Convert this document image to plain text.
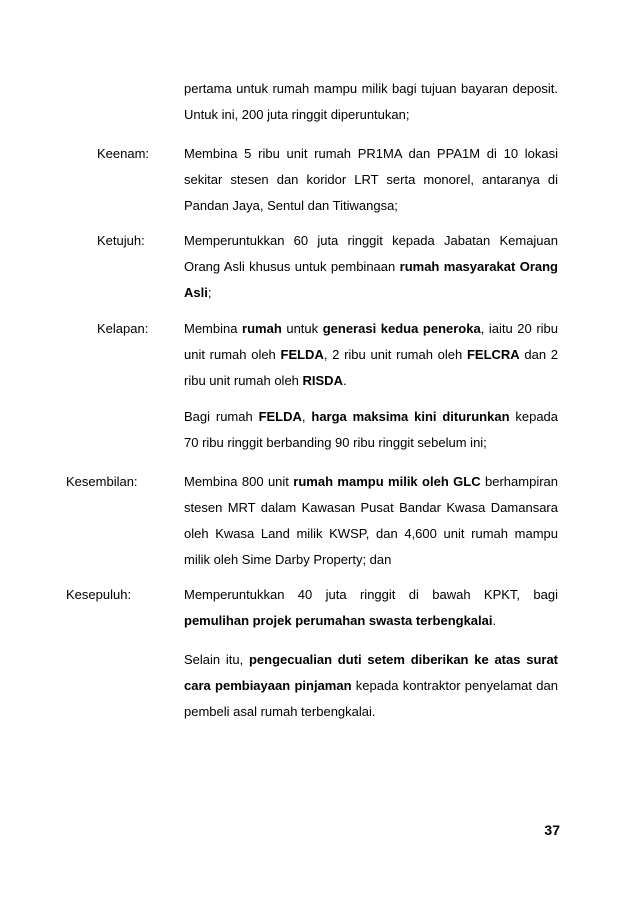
pertama untuk rumah mampu milik bagi tujuan bayaran deposit. Untuk ini, 200 juta ringgit diperuntukan;
Keenam:	Membina 5 ribu unit rumah PR1MA dan PPA1M di 10 lokasi sekitar stesen dan koridor LRT serta monorel, antaranya di Pandan Jaya, Sentul dan Titiwangsa;
Ketujuh:	Memperuntukkan 60 juta ringgit kepada Jabatan Kemajuan Orang Asli khusus untuk pembinaan rumah masyarakat Orang Asli;
Kelapan:	Membina rumah untuk generasi kedua peneroka, iaitu 20 ribu unit rumah oleh FELDA, 2 ribu unit rumah oleh FELCRA dan 2 ribu unit rumah oleh RISDA.
Bagi rumah FELDA, harga maksima kini diturunkan kepada 70 ribu ringgit berbanding 90 ribu ringgit sebelum ini;
Kesembilan:	Membina 800 unit rumah mampu milik oleh GLC berhampiran stesen MRT dalam Kawasan Pusat Bandar Kwasa Damansara oleh Kwasa Land milik KWSP, dan 4,600 unit rumah mampu milik oleh Sime Darby Property; dan
Kesepuluh:	Memperuntukkan 40 juta ringgit di bawah KPKT, bagi pemulihan projek perumahan swasta terbengkalai.
Selain itu, pengecualian duti setem diberikan ke atas surat cara pembiayaan pinjaman kepada kontraktor penyelamat dan pembeli asal rumah terbengkalai.
37
